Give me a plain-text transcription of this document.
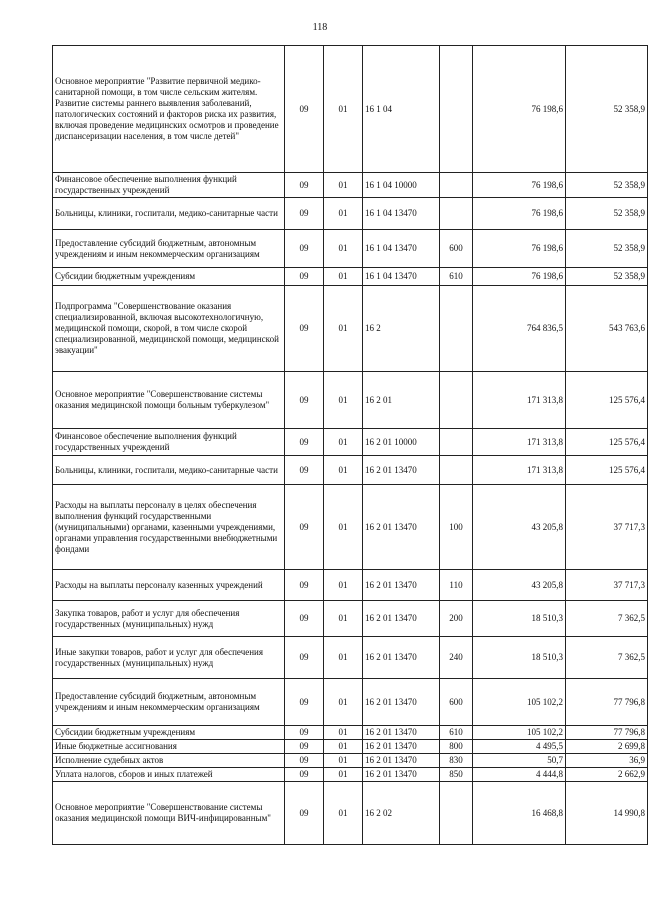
118
Основное мероприятие "Развитие первичной медико-санитарной помощи, в том числе сельским жителям. Развитие системы раннего выявления заболеваний, патологических состояний и факторов риска их развития, включая проведение медицинских осмотров и проведение диспансеризации населения, в том числе детей"	09	01	16 1 04		76 198,6	52 358,9
Финансовое обеспечение выполнения функций государственных учреждений	09	01	16 1 04 10000		76 198,6	52 358,9
Больницы, клиники, госпитали, медико-санитарные части	09	01	16 1 04 13470		76 198,6	52 358,9
Предоставление субсидий бюджетным, автономным учреждениям и иным некоммерческим организациям	09	01	16 1 04 13470	600	76 198,6	52 358,9
Субсидии бюджетным учреждениям	09	01	16 1 04 13470	610	76 198,6	52 358,9
Подпрограмма "Совершенствование оказания специализированной, включая высокотехнологичную, медицинской помощи, скорой, в том числе скорой специализированной, медицинской помощи, медицинской эвакуации"	09	01	16 2		764 836,5	543 763,6
Основное мероприятие "Совершенствование системы оказания медицинской помощи больным туберкулезом"	09	01	16 2 01		171 313,8	125 576,4
Финансовое обеспечение выполнения функций государственных учреждений	09	01	16 2 01 10000		171 313,8	125 576,4
Больницы, клиники, госпитали, медико-санитарные части	09	01	16 2 01 13470		171 313,8	125 576,4
Расходы на выплаты персоналу в целях обеспечения выполнения функций государственными (муниципальными) органами, казенными учреждениями, органами управления государственными внебюджетными фондами	09	01	16 2 01 13470	100	43 205,8	37 717,3
Расходы на выплаты персоналу казенных учреждений	09	01	16 2 01 13470	110	43 205,8	37 717,3
Закупка товаров, работ и услуг для обеспечения государственных (муниципальных) нужд	09	01	16 2 01 13470	200	18 510,3	7 362,5
Иные закупки товаров, работ и услуг для обеспечения государственных (муниципальных) нужд	09	01	16 2 01 13470	240	18 510,3	7 362,5
Предоставление субсидий бюджетным, автономным учреждениям и иным некоммерческим организациям	09	01	16 2 01 13470	600	105 102,2	77 796,8
Субсидии бюджетным учреждениям	09	01	16 2 01 13470	610	105 102,2	77 796,8
Иные бюджетные ассигнования	09	01	16 2 01 13470	800	4 495,5	2 699,8
Исполнение судебных актов	09	01	16 2 01 13470	830	50,7	36,9
Уплата налогов, сборов и иных платежей	09	01	16 2 01 13470	850	4 444,8	2 662,9
Основное мероприятие "Совершенствование системы оказания медицинской помощи ВИЧ-инфицированным"	09	01	16 2 02		16 468,8	14 990,8
